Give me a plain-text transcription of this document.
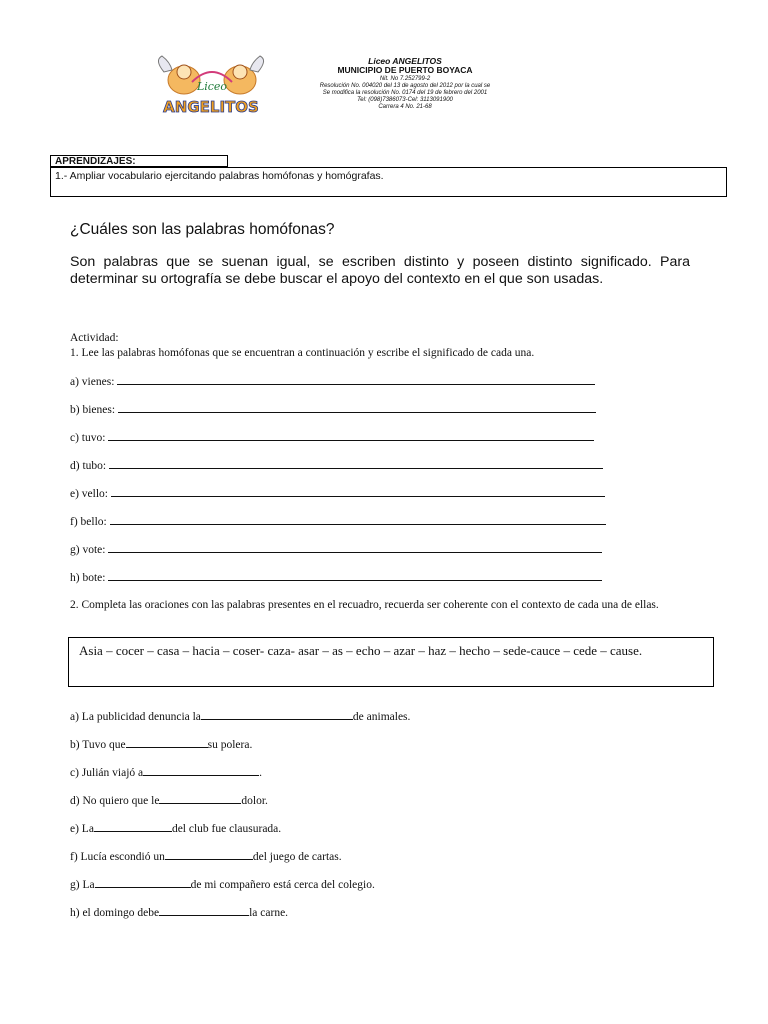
Liceo
ANGELITOS
Liceo ANGELITOS
MUNICIPIO DE PUERTO BOYACA
Nit. No 7.252799-2
Resolución No. 004020 del 13 de agosto del 2012 por la cual se
Se modifica la resolución No. 0174 del 19 de febrero del 2001
Tel: (098)7386073-Cel: 3113091900
Carrera 4 No. 21-68
APRENDIZAJES:
1.- Ampliar vocabulario ejercitando palabras homófonas y homógrafas.
¿Cuáles son las palabras homófonas?
Son palabras que se suenan igual, se escriben distinto y poseen distinto significado. Para determinar su ortografía se debe buscar el apoyo del contexto en el que son usadas.
Actividad:
1. Lee las palabras homófonas que se encuentran a continuación y escribe el significado de cada una.
a) vienes:
b) bienes:
c) tuvo:
d) tubo:
e) vello:
f) bello:
g) vote:
h) bote:
2. Completa las oraciones con las palabras presentes en el recuadro, recuerda ser coherente con el contexto de cada una de ellas.
Asia – cocer – casa – hacia – coser- caza- asar – as – echo – azar – haz – hecho – sede-cauce – cede – cause.
a) La publicidad denuncia la	de animales.
b) Tuvo que	su polera.
c) Julián viajó a	.
d) No quiero que le	dolor.
e) La	del club fue clausurada.
f) Lucía escondió un	del juego de cartas.
g) La	de mi compañero está cerca del colegio.
h) el domingo debe	la carne.
